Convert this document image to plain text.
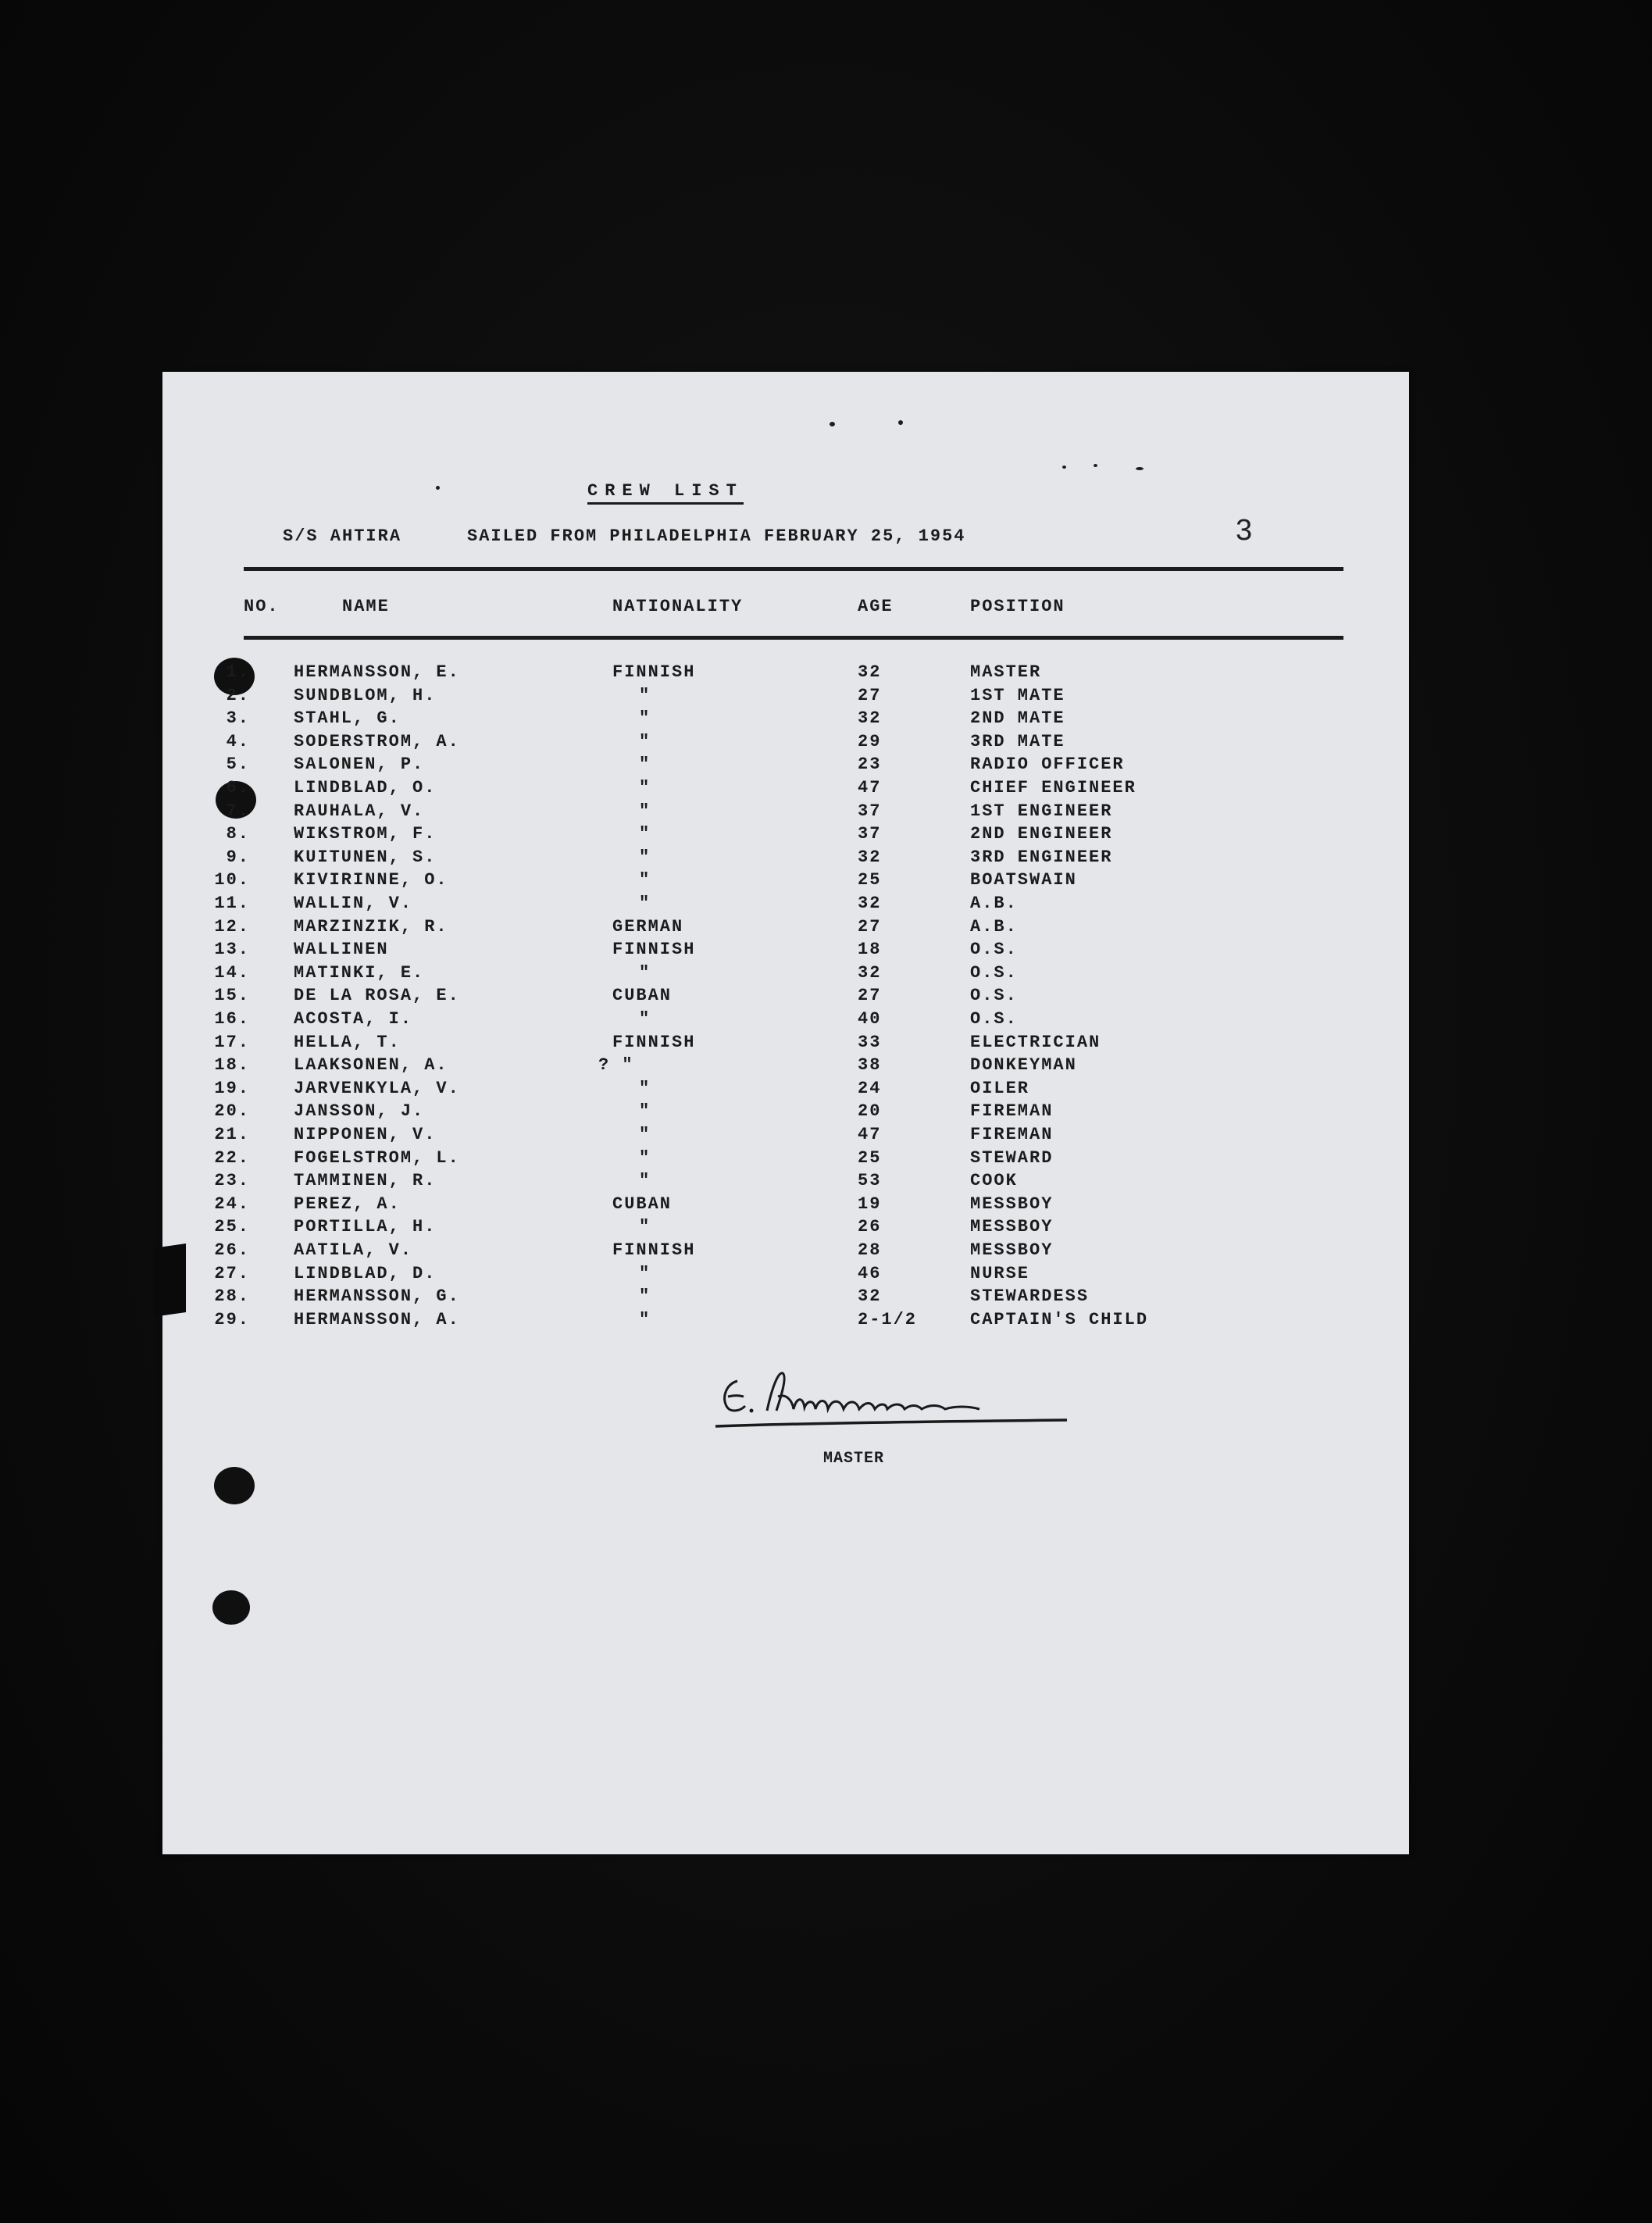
CREW LIST
S/S AHTIRA	SAILED FROM PHILADELPHIA FEBRUARY 25, 1954	3
NO.	NAME	NATIONALITY	AGE	POSITION
1.	HERMANSSON, E.	FINNISH	32	MASTER
2.	SUNDBLOM, H.	"	27	1ST MATE
3.	STAHL, G.	"	32	2ND MATE
4.	SODERSTROM, A.	"	29	3RD MATE
5.	SALONEN, P.	"	23	RADIO OFFICER
6.	LINDBLAD, O.	"	47	CHIEF ENGINEER
7.	RAUHALA, V.	"	37	1ST ENGINEER
8.	WIKSTROM, F.	"	37	2ND ENGINEER
9.	KUITUNEN, S.	"	32	3RD ENGINEER
10.	KIVIRINNE, O.	"	25	BOATSWAIN
11.	WALLIN, V.	"	32	A.B.
12.	MARZINZIK, R.	GERMAN	27	A.B.
13.	WALLINEN	FINNISH	18	O.S.
14.	MATINKI, E.	"	32	O.S.
15.	DE LA ROSA, E.	CUBAN	27	O.S.
16.	ACOSTA, I.	"	40	O.S.
17.	HELLA, T.	FINNISH	33	ELECTRICIAN
18.	LAAKSONEN, A.	? "	38	DONKEYMAN
19.	JARVENKYLA, V.	"	24	OILER
20.	JANSSON, J.	"	20	FIREMAN
21.	NIPPONEN, V.	"	47	FIREMAN
22.	FOGELSTROM, L.	"	25	STEWARD
23.	TAMMINEN, R.	"	53	COOK
24.	PEREZ, A.	CUBAN	19	MESSBOY
25.	PORTILLA, H.	"	26	MESSBOY
26.	AATILA, V.	FINNISH	28	MESSBOY
27.	LINDBLAD, D.	"	46	NURSE
28.	HERMANSSON, G.	"	32	STEWARDESS
29.	HERMANSSON, A.	"	2-1/2	CAPTAIN'S CHILD
MASTER
